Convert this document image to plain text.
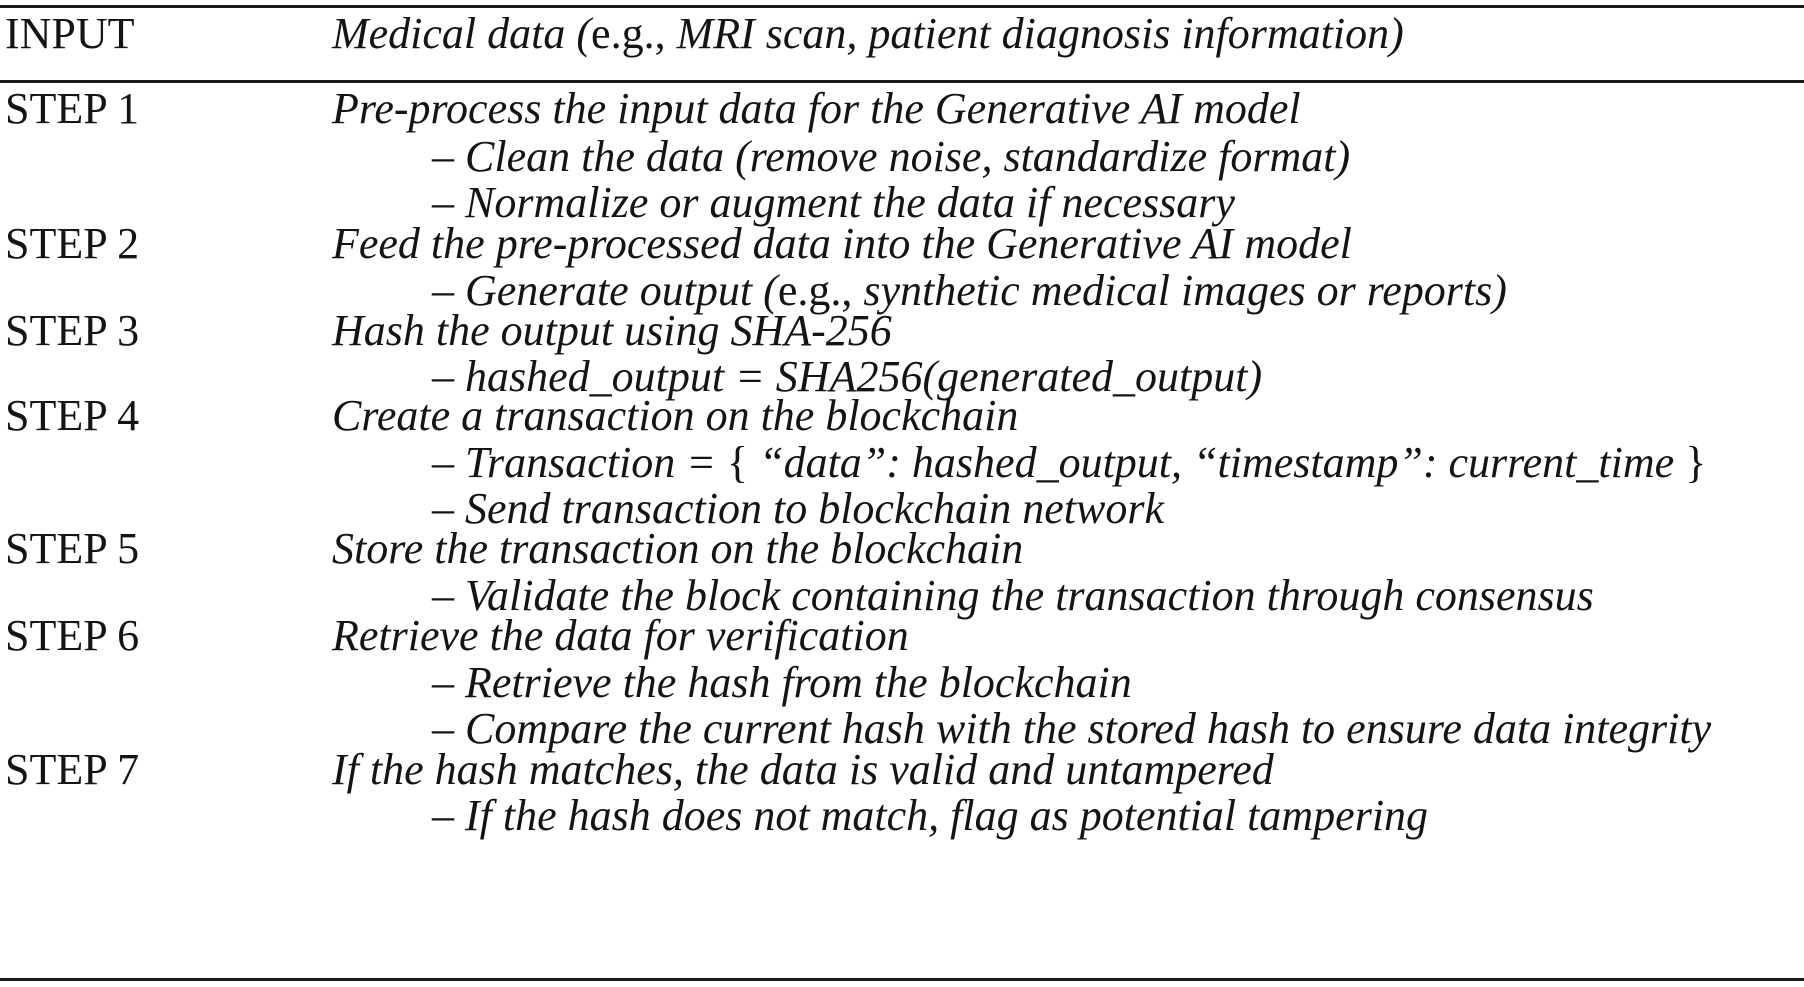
INPUT	Medical data (e.g., MRI scan, patient diagnosis information)
STEP 1	Pre-process the input data for the Generative AI model
– Clean the data (remove noise, standardize format)
– Normalize or augment the data if necessary
STEP 2	Feed the pre-processed data into the Generative AI model
– Generate output (e.g., synthetic medical images or reports)
STEP 3	Hash the output using SHA-256
– hashed_output = SHA256(generated_output)
STEP 4	Create a transaction on the blockchain
– Transaction = { “data”: hashed_output, “timestamp”: current_time }
– Send transaction to blockchain network
STEP 5	Store the transaction on the blockchain
– Validate the block containing the transaction through consensus
STEP 6	Retrieve the data for verification
– Retrieve the hash from the blockchain
– Compare the current hash with the stored hash to ensure data integrity
STEP 7	If the hash matches, the data is valid and untampered
– If the hash does not match, flag as potential tampering
